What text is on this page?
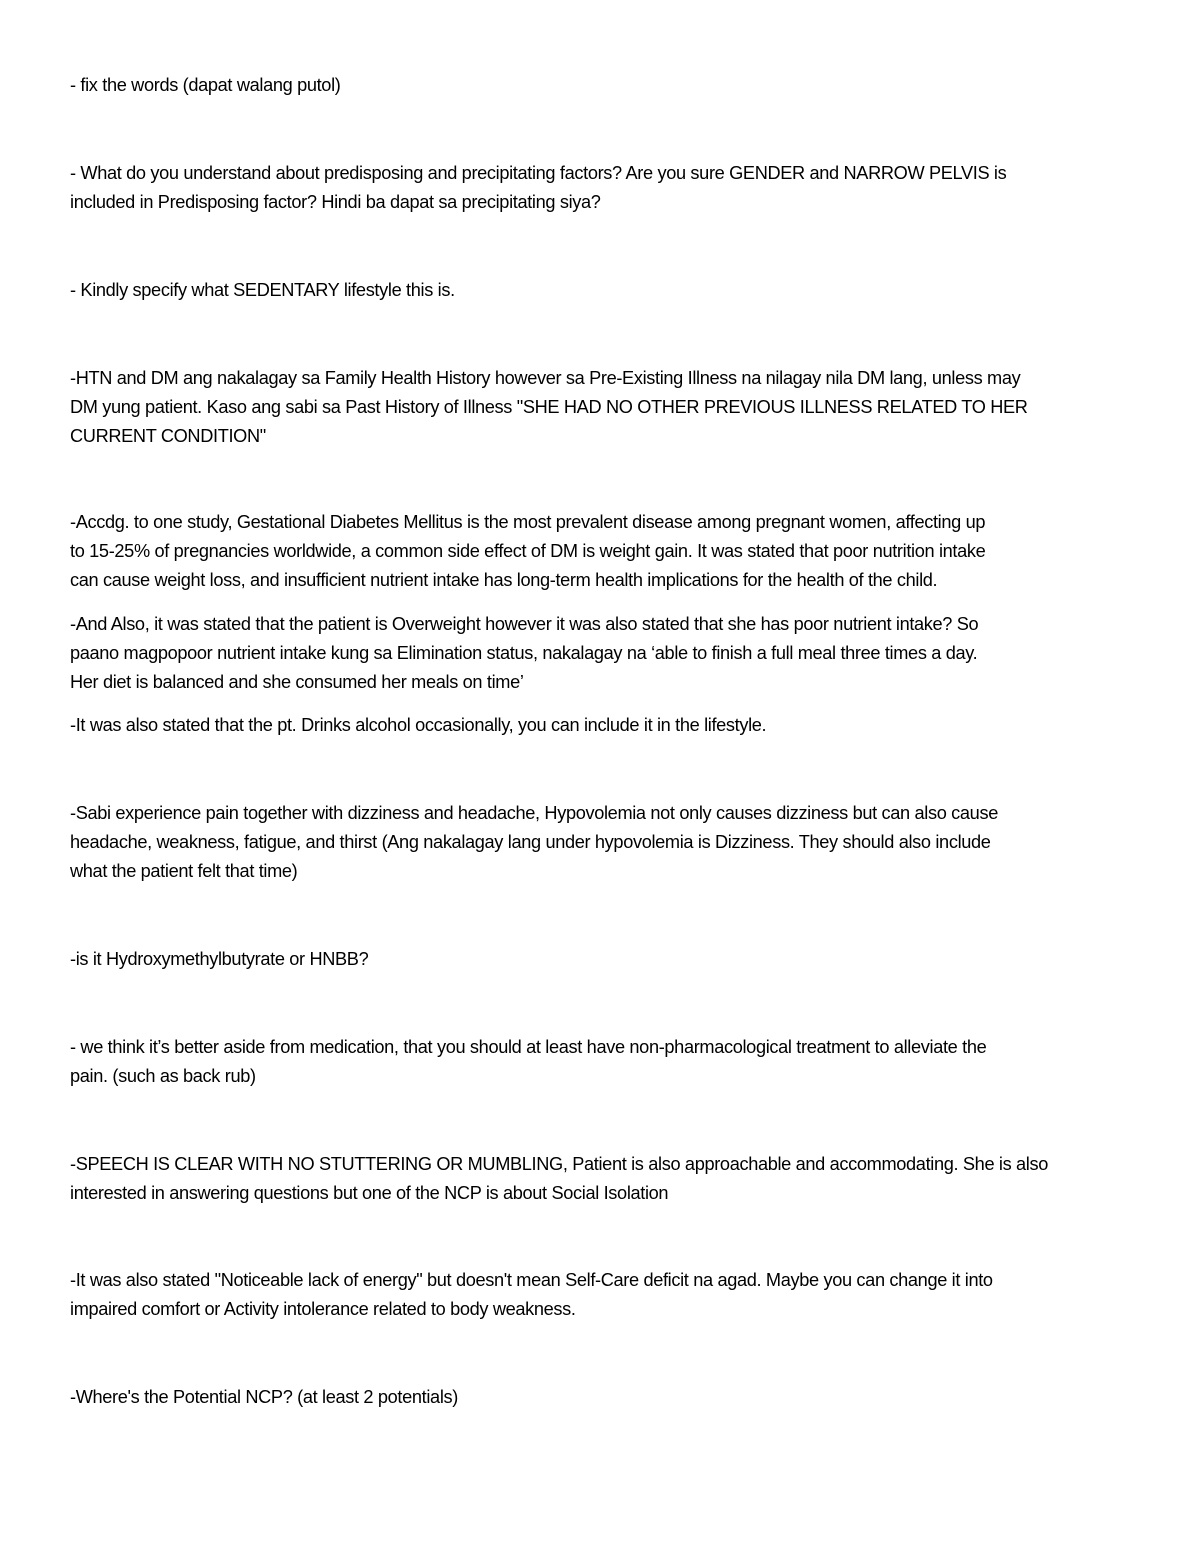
- fix the words (dapat walang putol)

- What do you understand about predisposing and precipitating factors? Are you sure GENDER and NARROW PELVIS is
included in Predisposing factor? Hindi ba dapat sa precipitating siya?

- Kindly specify what SEDENTARY lifestyle this is.

-HTN and DM ang nakalagay sa Family Health History however sa Pre-Existing Illness na nilagay nila DM lang, unless may
DM yung patient. Kaso ang sabi sa Past History of Illness "SHE HAD NO OTHER PREVIOUS ILLNESS RELATED TO HER
CURRENT CONDITION"

-Accdg. to one study, Gestational Diabetes Mellitus is the most prevalent disease among pregnant women, affecting up
to 15-25% of pregnancies worldwide, a common side effect of DM is weight gain. It was stated that poor nutrition intake
can cause weight loss, and insufficient nutrient intake has long-term health implications for the health of the child.

-And Also, it was stated that the patient is Overweight however it was also stated that she has poor nutrient intake? So
paano magpopoor nutrient intake kung sa Elimination status, nakalagay na ‘able to finish a full meal three times a day.
Her diet is balanced and she consumed her meals on time’

-It was also stated that the pt. Drinks alcohol occasionally, you can include it in the lifestyle.

-Sabi experience pain together with dizziness and headache, Hypovolemia not only causes dizziness but can also cause
headache, weakness, fatigue, and thirst (Ang nakalagay lang under hypovolemia is Dizziness. They should also include
what the patient felt that time)

-is it Hydroxymethylbutyrate or HNBB?

- we think it’s better aside from medication, that you should at least have non-pharmacological treatment to alleviate the
pain. (such as back rub)

-SPEECH IS CLEAR WITH NO STUTTERING OR MUMBLING, Patient is also approachable and accommodating. She is also
interested in answering questions but one of the NCP is about Social Isolation

-It was also stated "Noticeable lack of energy" but doesn't mean Self-Care deficit na agad. Maybe you can change it into
impaired comfort or Activity intolerance related to body weakness.

-Where's the Potential NCP? (at least 2 potentials)
